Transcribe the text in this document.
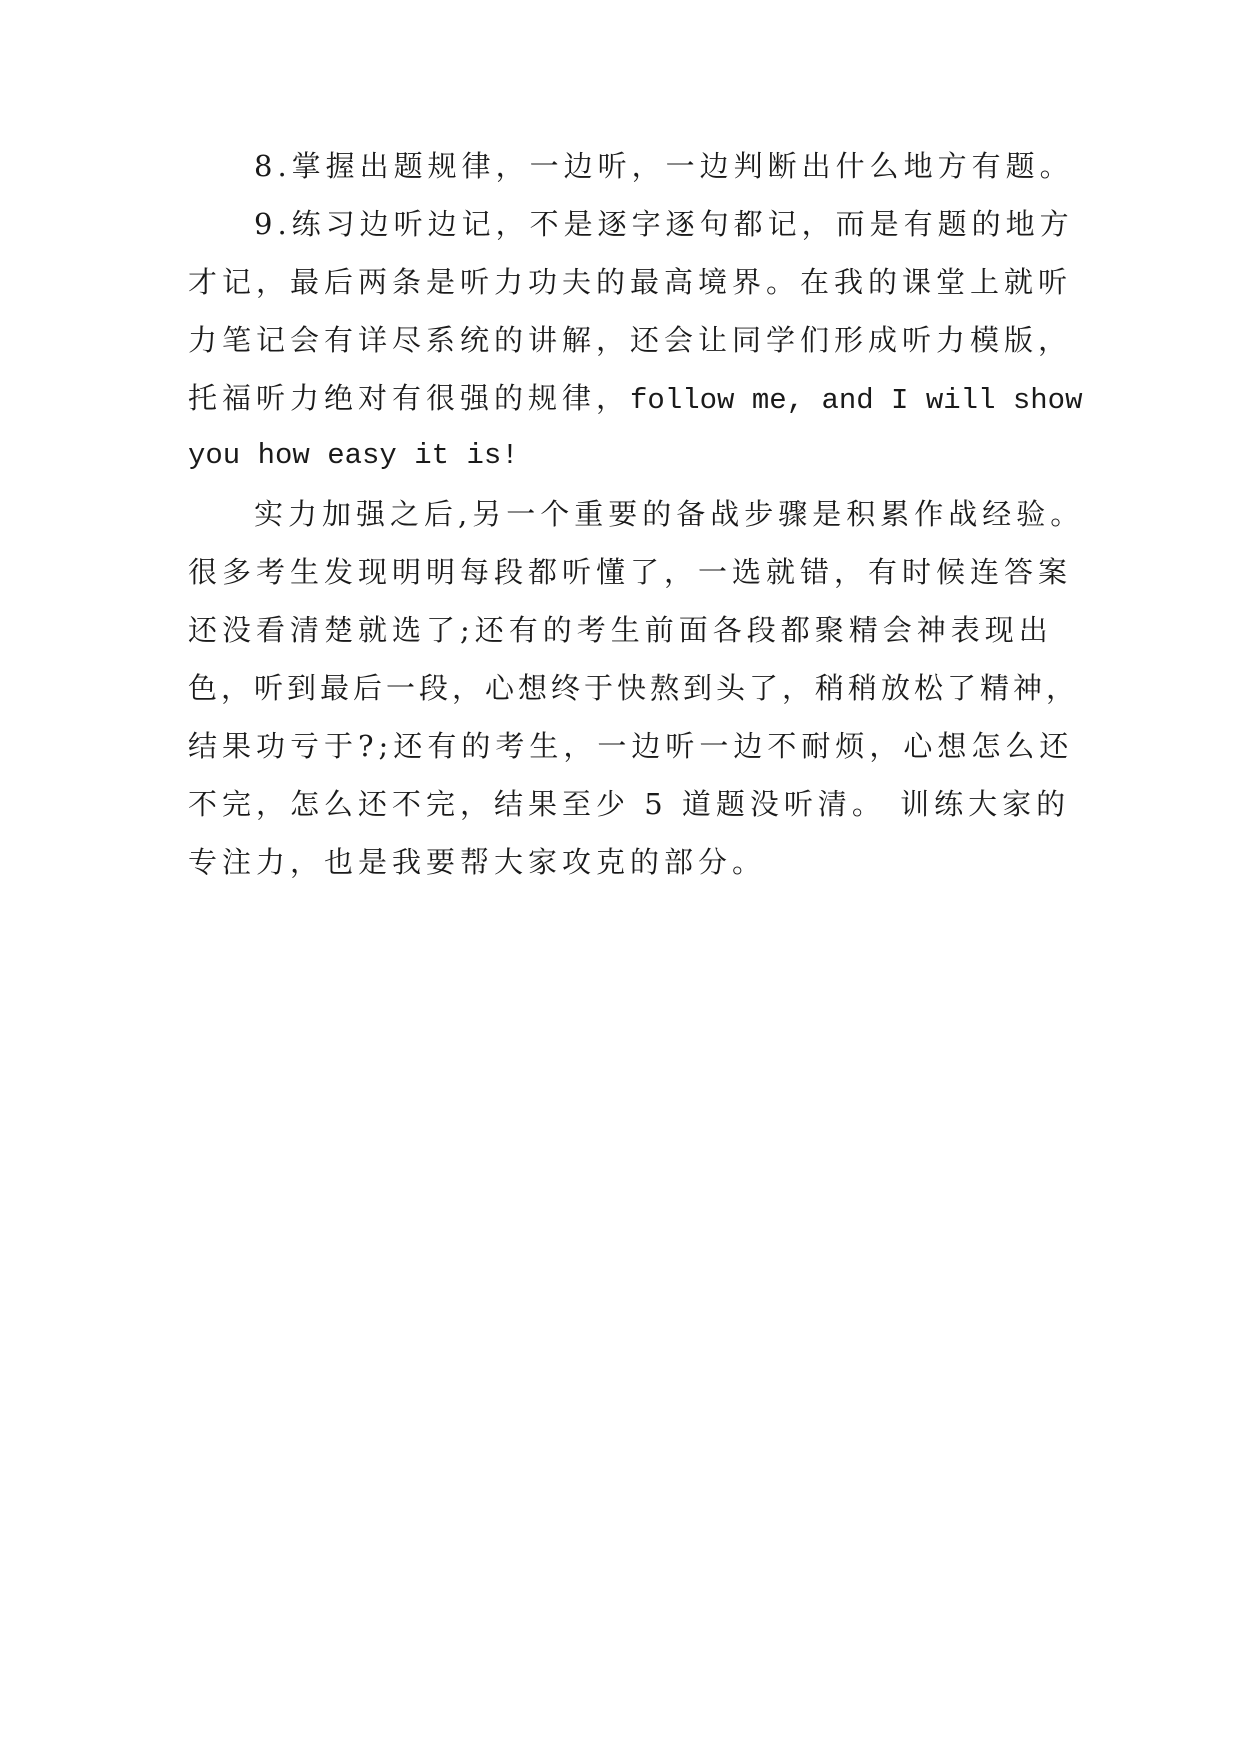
8.掌握出题规律，一边听，一边判断出什么地方有题。
9.练习边听边记，不是逐字逐句都记，而是有题的地方
才记，最后两条是听力功夫的最高境界。在我的课堂上就听
力笔记会有详尽系统的讲解，还会让同学们形成听力模版，
托福听力绝对有很强的规律，follow me, and I will show
you how easy it is!
实力加强之后,另一个重要的备战步骤是积累作战经验。
很多考生发现明明每段都听懂了，一选就错，有时候连答案
还没看清楚就选了;还有的考生前面各段都聚精会神表现出
色，听到最后一段，心想终于快熬到头了，稍稍放松了精神，
结果功亏于?;还有的考生，一边听一边不耐烦，心想怎么还
不完，怎么还不完，结果至少 5 道题没听清。 训练大家的
专注力，也是我要帮大家攻克的部分。
